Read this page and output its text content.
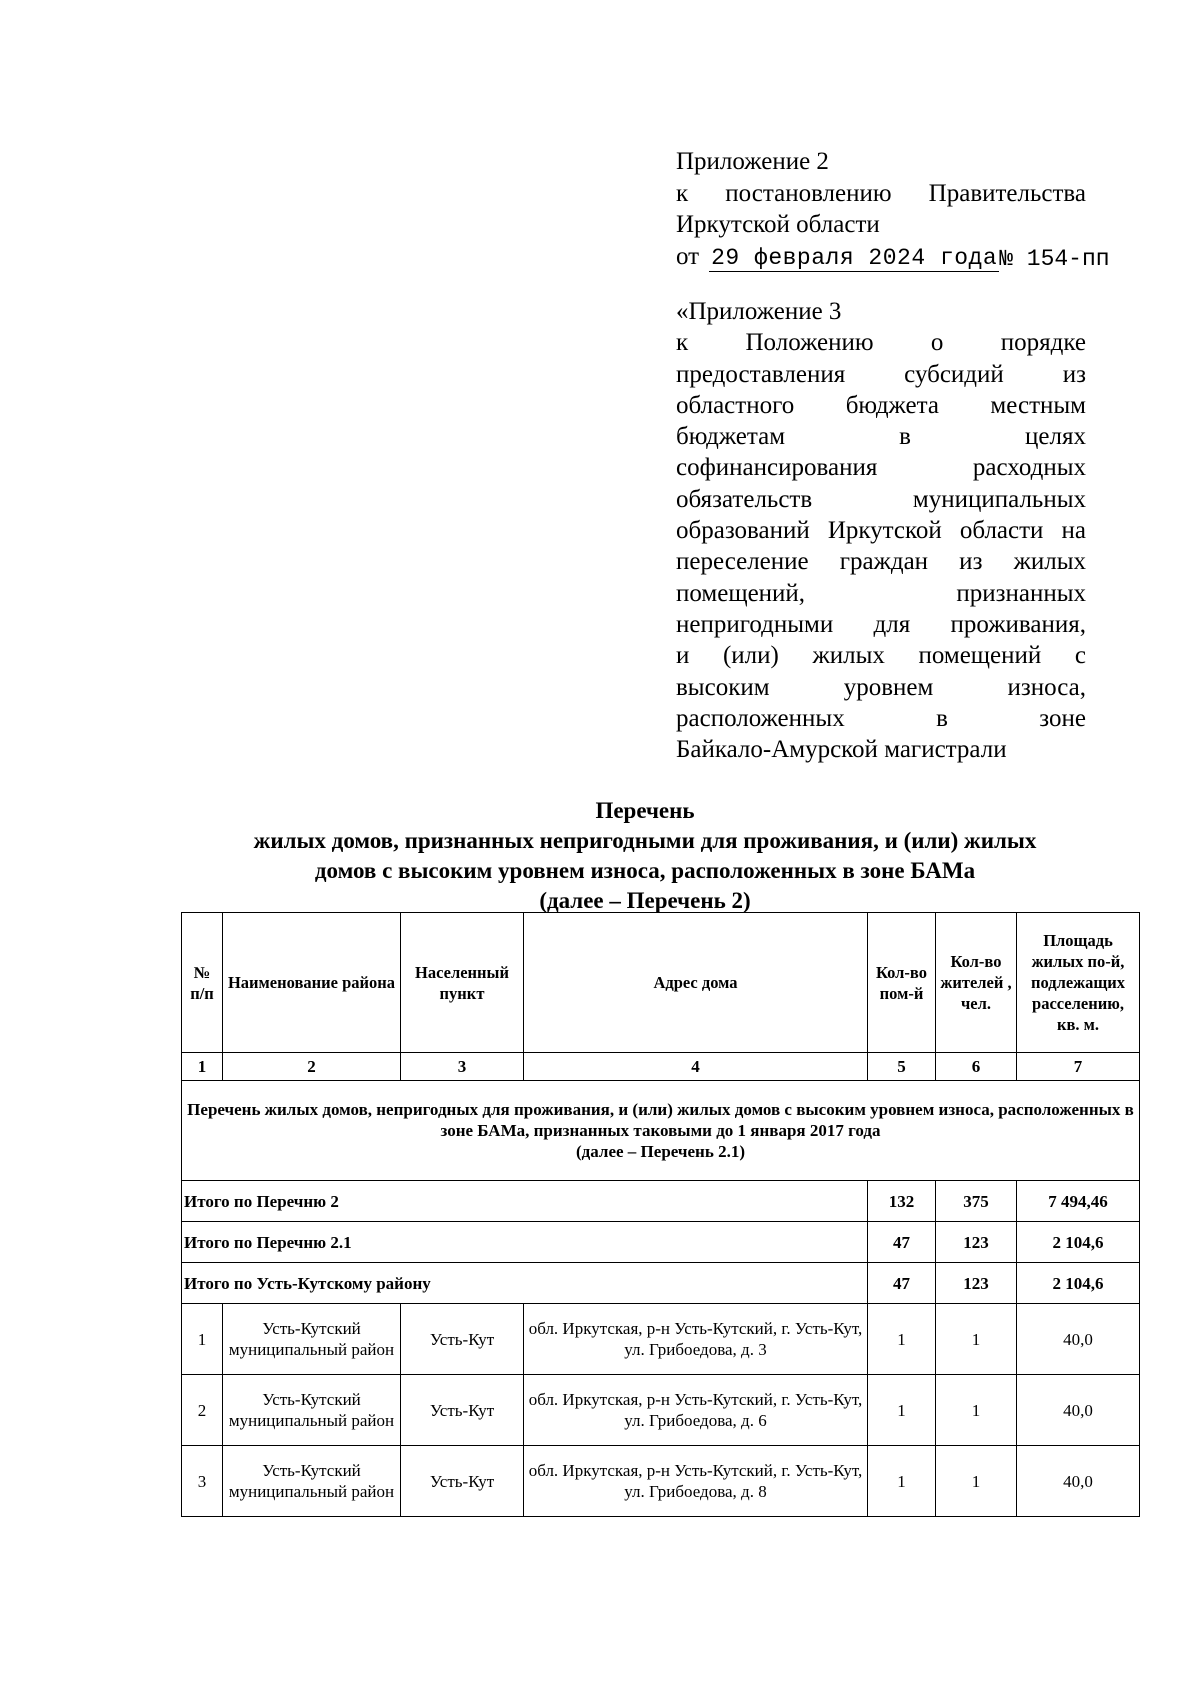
Приложение 2
к постановлению Правительства
Иркутской области
от 29 февраля 2024 года № 154-пп
«Приложение 3
к Положению о порядке
предоставления субсидий из
областного бюджета местным
бюджетам в целях
софинансирования расходных
обязательств муниципальных
образований Иркутской области на
переселение граждан из жилых
помещений, признанных
непригодными для проживания,
и (или) жилых помещений с
высоким уровнем износа,
расположенных в зоне
Байкало-Амурской магистрали
Перечень
жилых домов, признанных непригодными для проживания, и (или) жилых
домов с высоким уровнем износа, расположенных в зоне БАМа
(далее – Перечень 2)
№ п/п	Наименование района	Населенный пункт	Адрес дома	Кол-во пом-й	Кол-во жителей , чел.	Площадь жилых по-й, подлежащих расселению, кв. м.
1	2	3	4	5	6	7

Перечень жилых домов, непригодных для проживания, и (или) жилых домов с высоким уровнем износа, расположенных в зоне БАМа, признанных таковыми до 1 января 2017 года
(далее – Перечень 2.1)						

Итого по Перечню 2				132	375	7 494,46
Итого по Перечню 2.1				47	123	2 104,6
Итого по Усть-Кутскому району				47	123	2 104,6
1	Усть-Кутский муниципальный район	Усть-Кут	обл. Иркутская, р-н Усть-Кутский, г. Усть-Кут, ул. Грибоедова, д. 3	1	1	40,0
2	Усть-Кутский муниципальный район	Усть-Кут	обл. Иркутская, р-н Усть-Кутский, г. Усть-Кут, ул. Грибоедова, д. 6	1	1	40,0
3	Усть-Кутский муниципальный район	Усть-Кут	обл. Иркутская, р-н Усть-Кутский, г. Усть-Кут, ул. Грибоедова, д. 8	1	1	40,0
